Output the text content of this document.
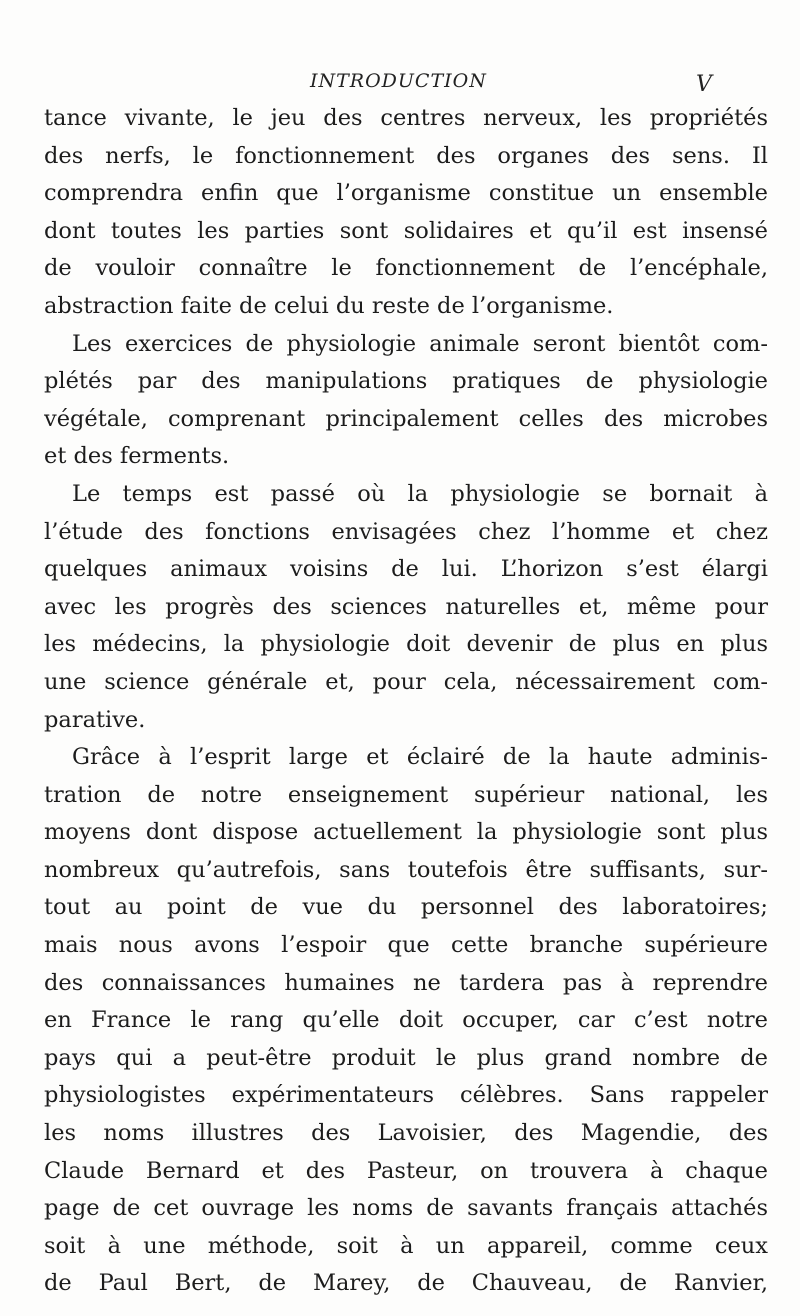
INTRODUCTION	V
tance vivante, le jeu des centres nerveux, les propriétés
des nerfs, le fonctionnement des organes des sens. Il
comprendra enfin que l’organisme constitue un ensemble
dont toutes les parties sont solidaires et qu’il est insensé
de vouloir connaître le fonctionnement de l’encéphale,
abstraction faite de celui du reste de l’organisme.
Les exercices de physiologie animale seront bientôt com-
plétés par des manipulations pratiques de physiologie
végétale, comprenant principalement celles des microbes
et des ferments.
Le temps est passé où la physiologie se bornait à
l’étude des fonctions envisagées chez l’homme et chez
quelques animaux voisins de lui. L’horizon s’est élargi
avec les progrès des sciences naturelles et, même pour
les médecins, la physiologie doit devenir de plus en plus
une science générale et, pour cela, nécessairement com-
parative.
Grâce à l’esprit large et éclairé de la haute adminis-
tration de notre enseignement supérieur national, les
moyens dont dispose actuellement la physiologie sont plus
nombreux qu’autrefois, sans toutefois être suffisants, sur-
tout au point de vue du personnel des laboratoires;
mais nous avons l’espoir que cette branche supérieure
des connaissances humaines ne tardera pas à reprendre
en France le rang qu’elle doit occuper, car c’est notre
pays qui a peut-être produit le plus grand nombre de
physiologistes expérimentateurs célèbres. Sans rappeler
les noms illustres des Lavoisier, des Magendie, des
Claude Bernard et des Pasteur, on trouvera à chaque
page de cet ouvrage les noms de savants français attachés
soit à une méthode, soit à un appareil, comme ceux
de Paul Bert, de Marey, de Chauveau, de Ranvier,
